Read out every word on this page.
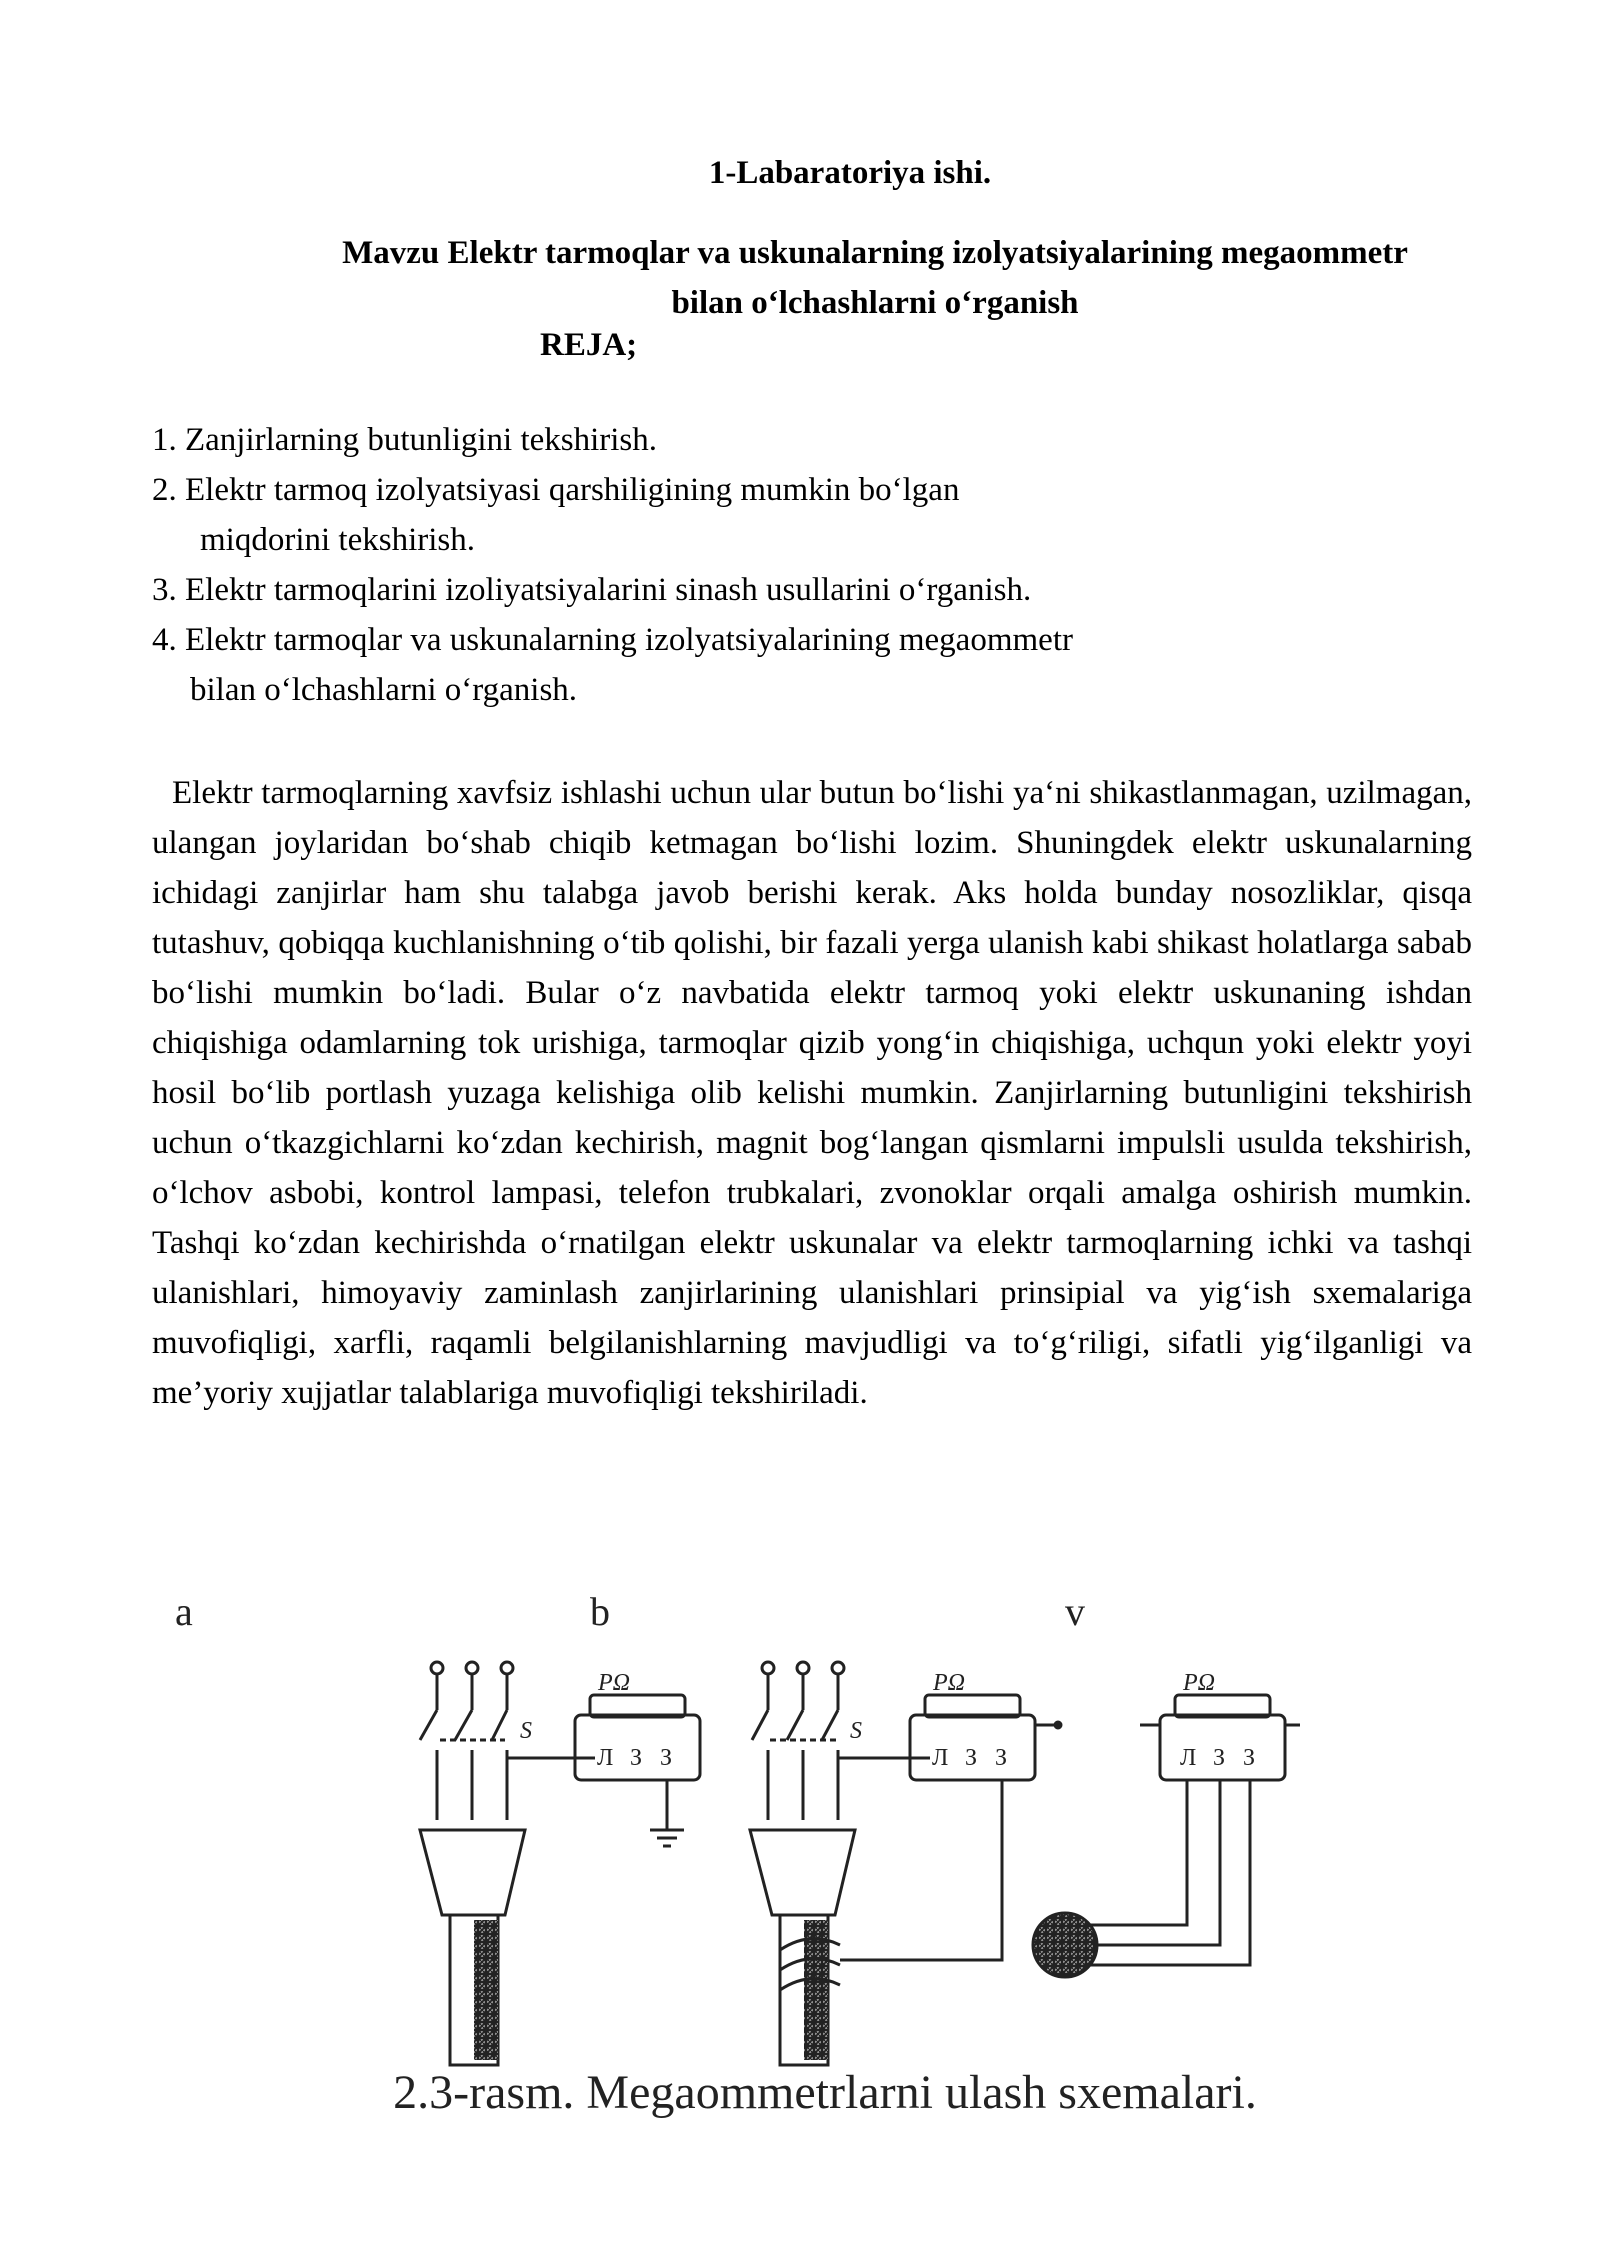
1-Labaratoriya ishi.
Mavzu Elektr tarmoqlar va uskunalarning izolyatsiyalarining megaommetr
bilan o‘lchashlarni o‘rganish
REJA;
1. Zanjirlarning butunligini tekshirish.
2. Elektr tarmoq izolyatsiyasi qarshiligining mumkin bo‘lgan
miqdorini tekshirish.
3. Elektr tarmoqlarini izoliyatsiyalarini sinash usullarini o‘rganish.
4. Elektr tarmoqlar va uskunalarning izolyatsiyalarining megaommetr
bilan o‘lchashlarni o‘rganish.

Elektr tarmoqlarning xavfsiz ishlashi uchun ular butun bo‘lishi ya‘ni shikastlanmagan, uzilmagan, ulangan joylaridan bo‘shab chiqib ketmagan bo‘lishi lozim. Shuningdek elektr uskunalarning ichidagi zanjirlar ham shu talabga javob berishi kerak. Aks holda bunday nosozliklar, qisqa tutashuv, qobiqqa kuchlanishning o‘tib qolishi, bir fazali yerga ulanish kabi shikast holatlarga sabab bo‘lishi mumkin bo‘ladi. Bular o‘z navbatida elektr tarmoq yoki elektr uskunaning ishdan chiqishiga odamlarning tok urishiga, tarmoqlar qizib yong‘in chiqishiga, uchqun yoki elektr yoyi hosil bo‘lib portlash yuzaga kelishiga olib kelishi mumkin. Zanjirlarning butunligini tekshirish uchun o‘tkazgichlarni ko‘zdan kechirish, magnit bog‘langan qismlarni impulsli usulda tekshirish, o‘lchov asbobi, kontrol lampasi, telefon trubkalari, zvonoklar orqali amalga oshirish mumkin. Tashqi ko‘zdan kechirishda o‘rnatilgan elektr uskunalar va elektr tarmoqlarning ichki va tashqi ulanishlari, himoyaviy zaminlash zanjirlarining ulanishlari prinsipial va yig‘ish sxemalariga muvofiqligi, xarfli, raqamli belgilanishlarning mavjudligi va to‘g‘riligi, sifatli yig‘ilganligi va me’yoriy xujjatlar talablariga muvofiqligi tekshiriladi.

a	b	v
S
PΩ
Л З З
S
PΩ
Л З З
PΩ
Л З З
2.3-rasm. Megaommetrlarni ulash sxemalari.
